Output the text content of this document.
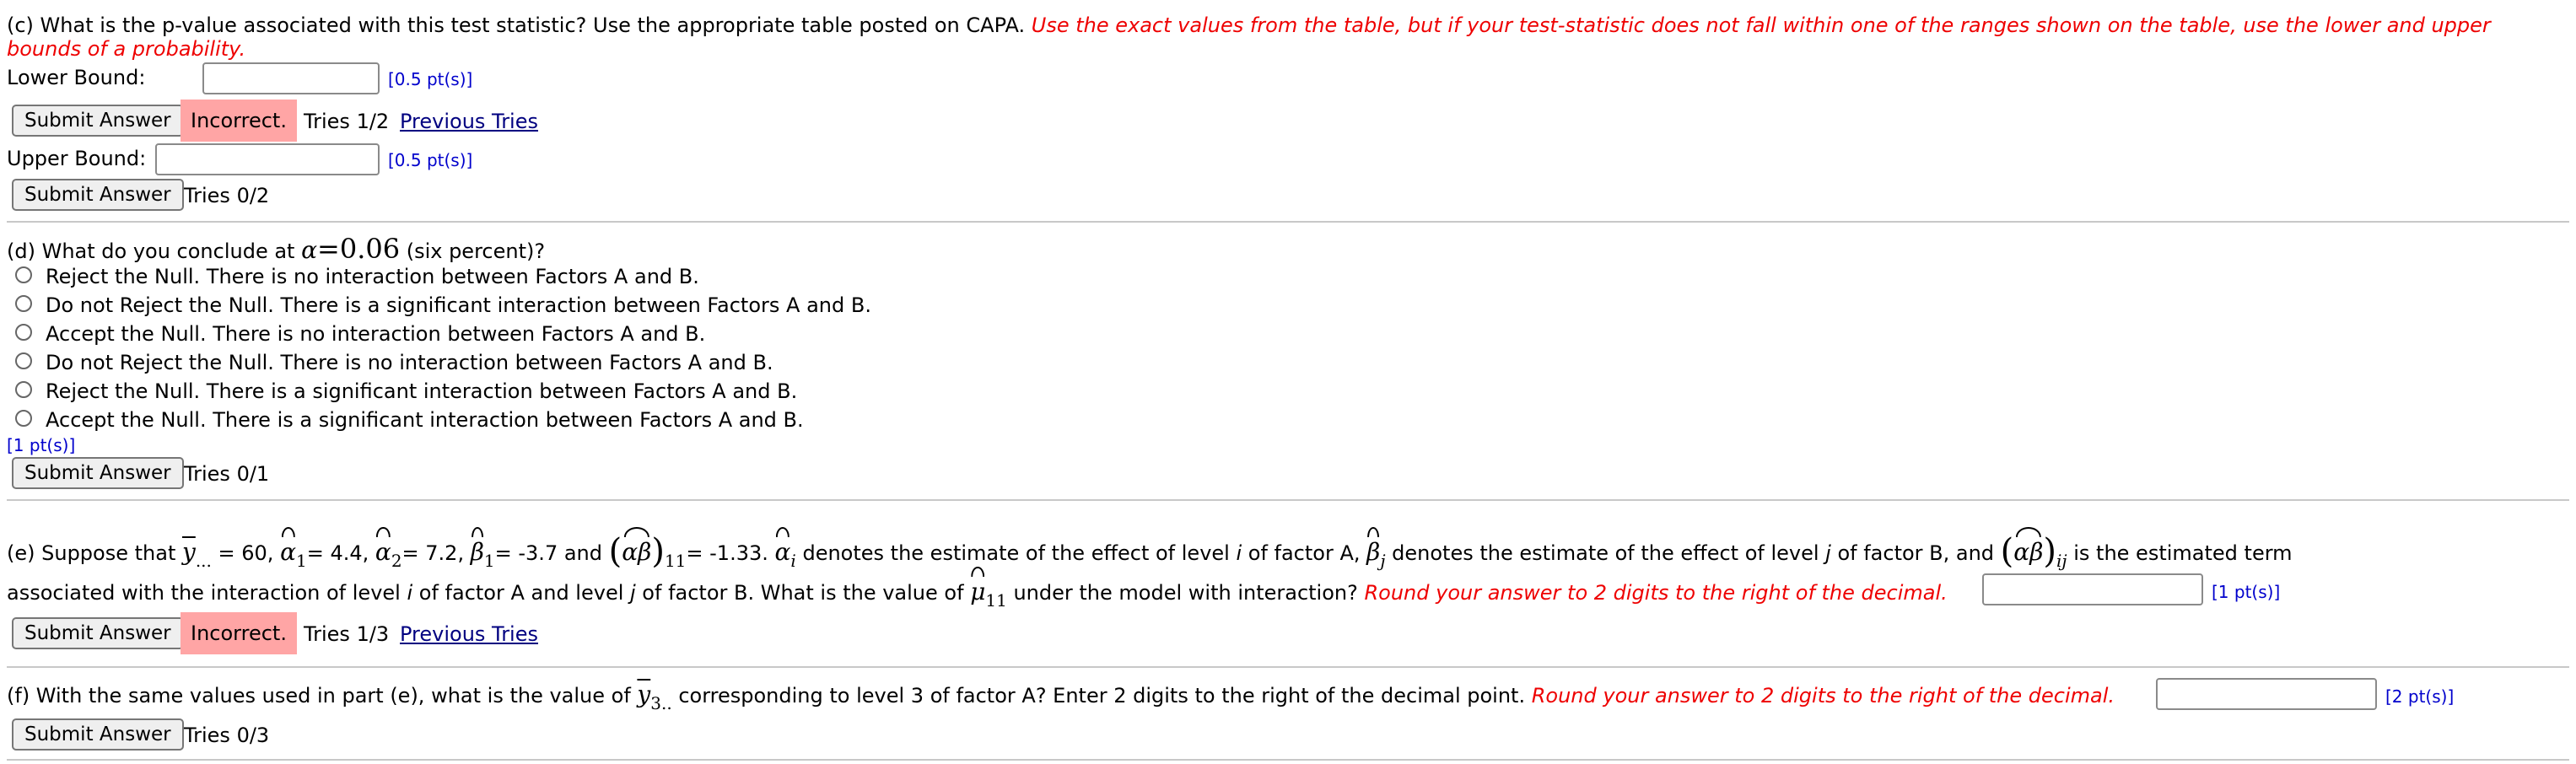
(c) What is the p-value associated with this test statistic? Use the appropriate table posted on CAPA. Use the exact values from the table, but if your test-statistic does not fall within one of the ranges shown on the table, use the lower and upper
bounds of a probability.
Lower Bound:	[0.5 pt(s)]
Submit Answer Incorrect. Tries 1/2 Previous Tries
Upper Bound:	[0.5 pt(s)]
Submit Answer Tries 0/2
(d) What do you conclude at α=0.06 (six percent)?
Reject the Null. There is no interaction between Factors A and B.
Do not Reject the Null. There is a significant interaction between Factors A and B.
Accept the Null. There is no interaction between Factors A and B.
Do not Reject the Null. There is no interaction between Factors A and B.
Reject the Null. There is a significant interaction between Factors A and B.
Accept the Null. There is a significant interaction between Factors A and B.
[1 pt(s)]
Submit Answer Tries 0/1
(e) Suppose that $\overline{y}_{...} = 60$, $\alpha_1= 4.4$, $\alpha_2= 7.2$, $\beta_1= -3.7$ and $(\alpha\beta)_{11}= -1.33$. $\alpha_i$ denotes the estimate of the effect of level i of factor A, $\beta_j$ denotes the estimate of the effect of level j of factor B, and $(\alpha\beta)_{ij}$ is the estimated term
associated with the interaction of level i of factor A and level j of factor B. What is the value of $\mu_{11}$ under the model with interaction? Round your answer to 2 digits to the right of the decimal.	[1 pt(s)]
Submit Answer Incorrect. Tries 1/3 Previous Tries
(f) With the same values used in part (e), what is the value of $\overline{y}_{3..}$ corresponding to level 3 of factor A? Enter 2 digits to the right of the decimal point. Round your answer to 2 digits to the right of the decimal.	[2 pt(s)]
Submit Answer Tries 0/3
